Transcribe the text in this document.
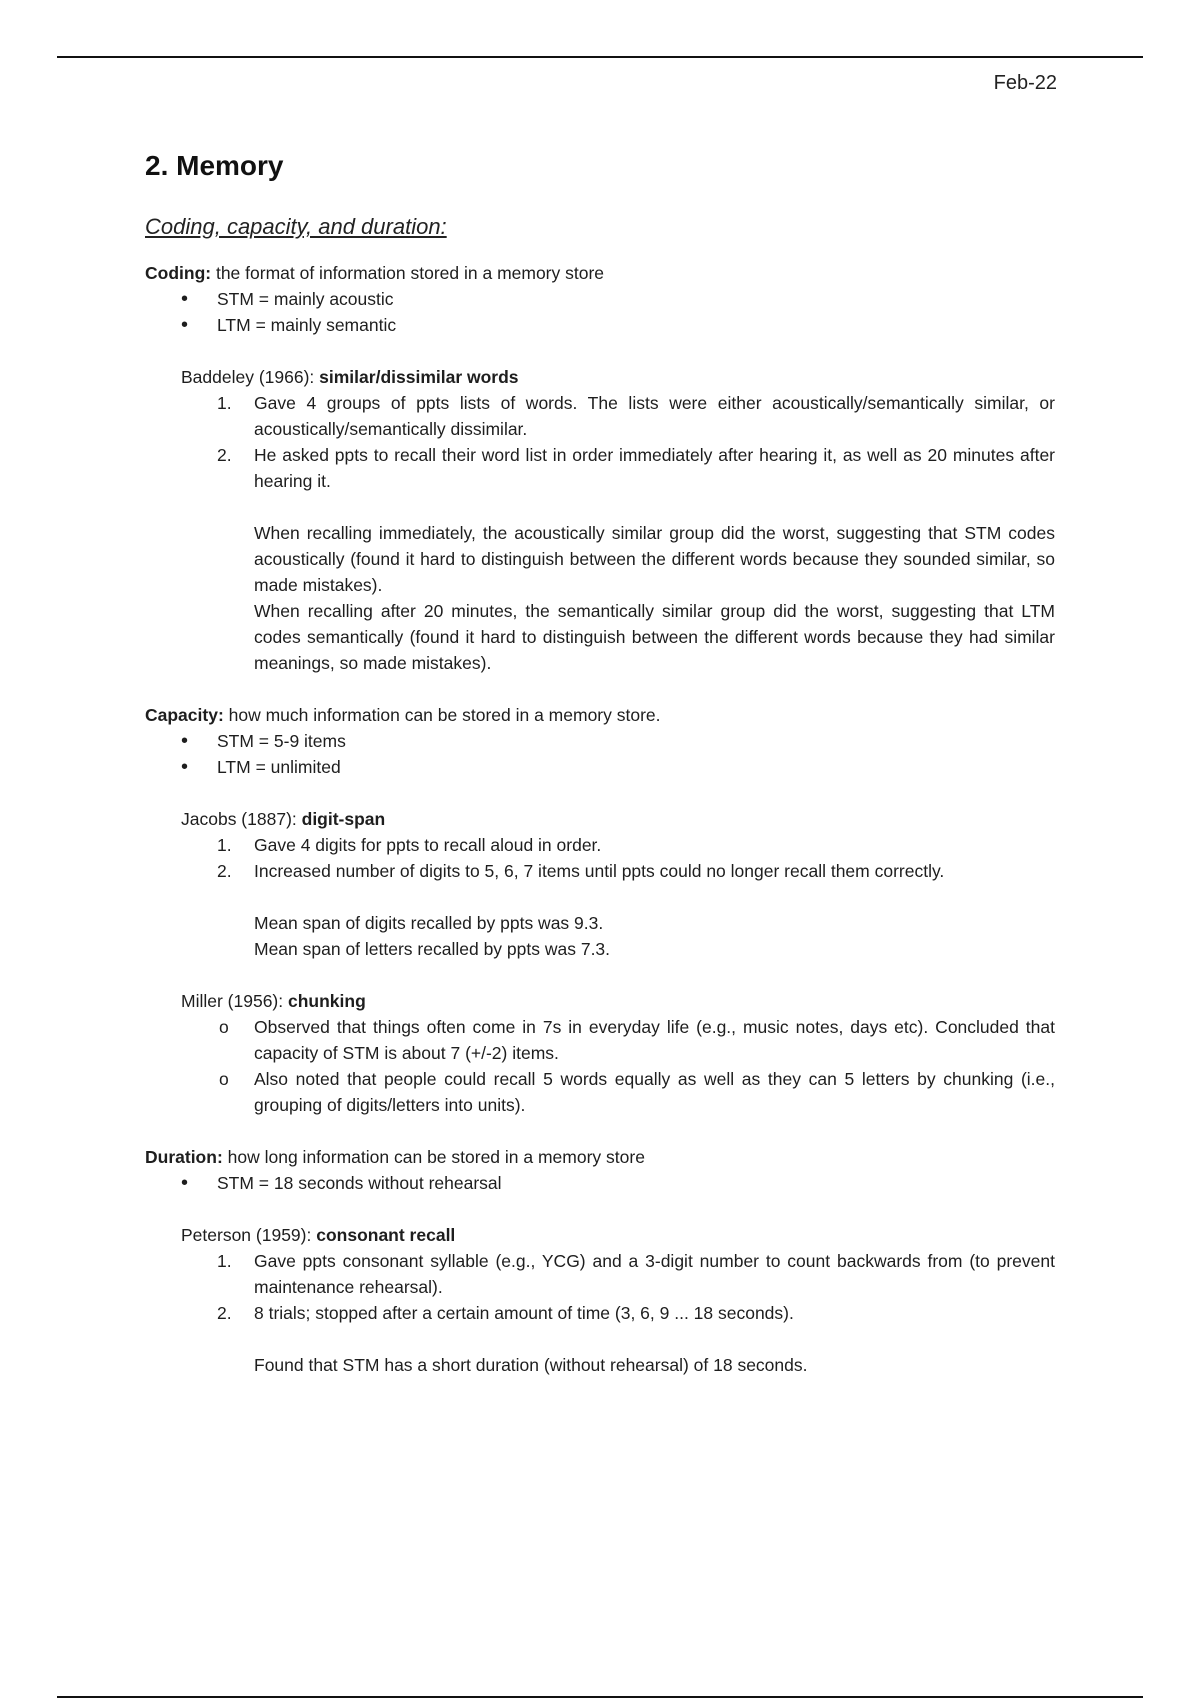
Feb-22
2. Memory
Coding, capacity, and duration:

Coding: the format of information stored in a memory store

• STM = mainly acoustic
• LTM = mainly semantic
Baddeley (1966): similar/dissimilar words
1. Gave 4 groups of ppts lists of words. The lists were either acoustically/semantically similar, or acoustically/semantically dissimilar.
2. He asked ppts to recall their word list in order immediately after hearing it, as well as 20 minutes after hearing it.
When recalling immediately, the acoustically similar group did the worst, suggesting that STM codes acoustically (found it hard to distinguish between the different words because they sounded similar, so made mistakes).
When recalling after 20 minutes, the semantically similar group did the worst, suggesting that LTM codes semantically (found it hard to distinguish between the different words because they had similar meanings, so made mistakes).

Capacity: how much information can be stored in a memory store.

• STM = 5-9 items
• LTM = unlimited
Jacobs (1887): digit-span
1. Gave 4 digits for ppts to recall aloud in order.
2. Increased number of digits to 5, 6, 7 items until ppts could no longer recall them correctly.
Mean span of digits recalled by ppts was 9.3.
Mean span of letters recalled by ppts was 7.3.
Miller (1956): chunking
o Observed that things often come in 7s in everyday life (e.g., music notes, days etc). Concluded that capacity of STM is about 7 (+/-2) items.
o Also noted that people could recall 5 words equally as well as they can 5 letters by chunking (i.e., grouping of digits/letters into units).

Duration: how long information can be stored in a memory store

• STM = 18 seconds without rehearsal
Peterson (1959): consonant recall
1. Gave ppts consonant syllable (e.g., YCG) and a 3-digit number to count backwards from (to prevent maintenance rehearsal).
2. 8 trials; stopped after a certain amount of time (3, 6, 9 ... 18 seconds).
Found that STM has a short duration (without rehearsal) of 18 seconds.
